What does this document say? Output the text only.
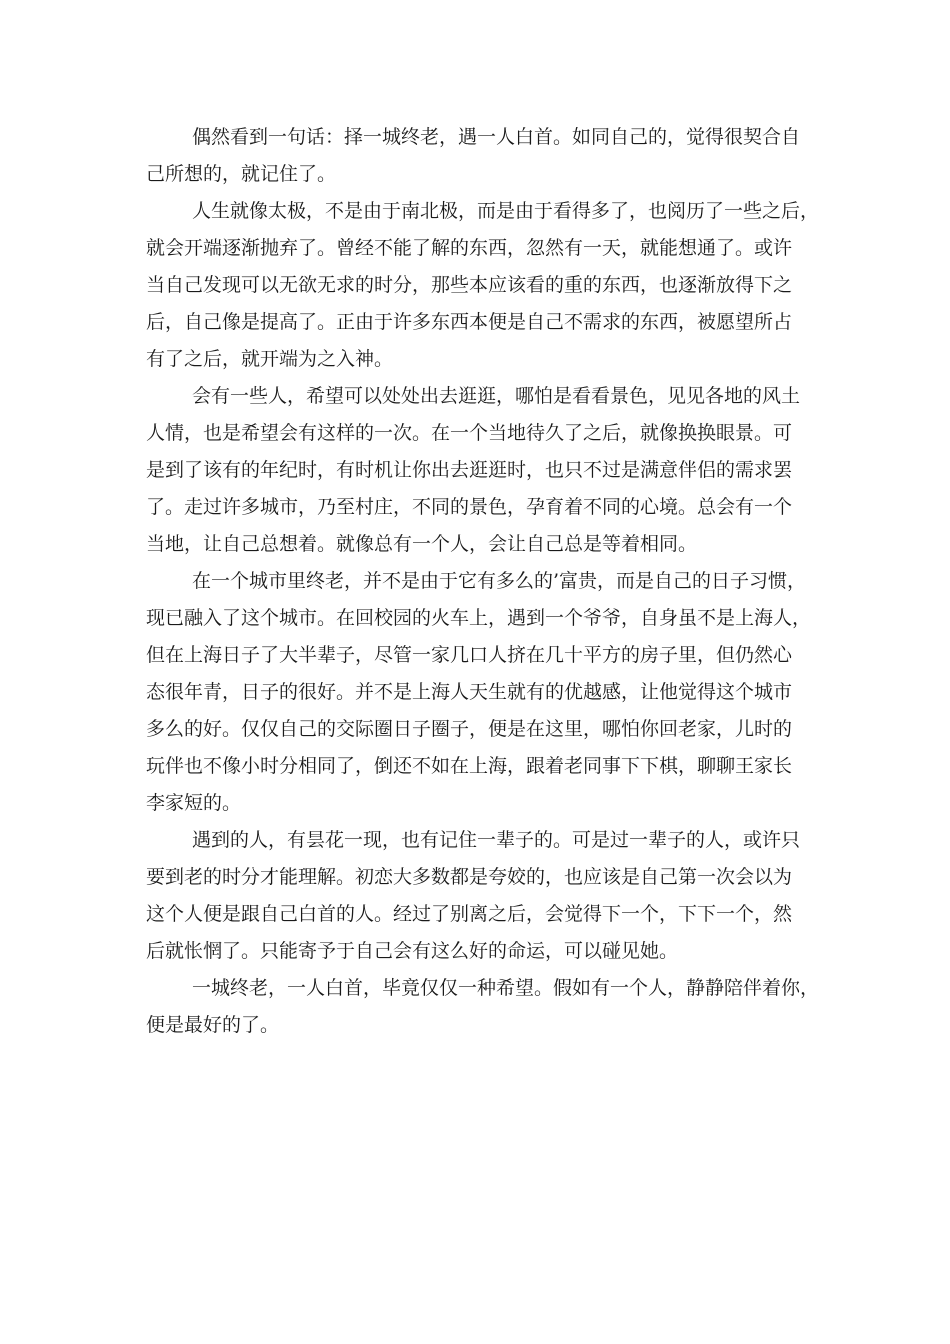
偶然看到一句话：择一城终老，遇一人白首。如同自己的，觉得很契合自
己所想的，就记住了。
人生就像太极，不是由于南北极，而是由于看得多了，也阅历了一些之后，
就会开端逐渐抛弃了。曾经不能了解的东西，忽然有一天，就能想通了。或许
当自己发现可以无欲无求的时分，那些本应该看的重的东西，也逐渐放得下之
后，自己像是提高了。正由于许多东西本便是自己不需求的东西，被愿望所占
有了之后，就开端为之入神。
会有一些人，希望可以处处出去逛逛，哪怕是看看景色，见见各地的风土
人情，也是希望会有这样的一次。在一个当地待久了之后，就像换换眼景。可
是到了该有的年纪时，有时机让你出去逛逛时，也只不过是满意伴侣的需求罢
了。走过许多城市，乃至村庄，不同的景色，孕育着不同的心境。总会有一个
当地，让自己总想着。就像总有一个人，会让自己总是等着相同。
在一个城市里终老，并不是由于它有多么的’富贵，而是自己的日子习惯，
现已融入了这个城市。在回校园的火车上，遇到一个爷爷，自身虽不是上海人，
但在上海日子了大半辈子，尽管一家几口人挤在几十平方的房子里，但仍然心
态很年青，日子的很好。并不是上海人天生就有的优越感，让他觉得这个城市
多么的好。仅仅自己的交际圈日子圈子，便是在这里，哪怕你回老家，儿时的
玩伴也不像小时分相同了，倒还不如在上海，跟着老同事下下棋，聊聊王家长
李家短的。
遇到的人，有昙花一现，也有记住一辈子的。可是过一辈子的人，或许只
要到老的时分才能理解。初恋大多数都是夸姣的，也应该是自己第一次会以为
这个人便是跟自己白首的人。经过了别离之后，会觉得下一个，下下一个，然
后就怅惘了。只能寄予于自己会有这么好的命运，可以碰见她。
一城终老，一人白首，毕竟仅仅一种希望。假如有一个人，静静陪伴着你，
便是最好的了。
